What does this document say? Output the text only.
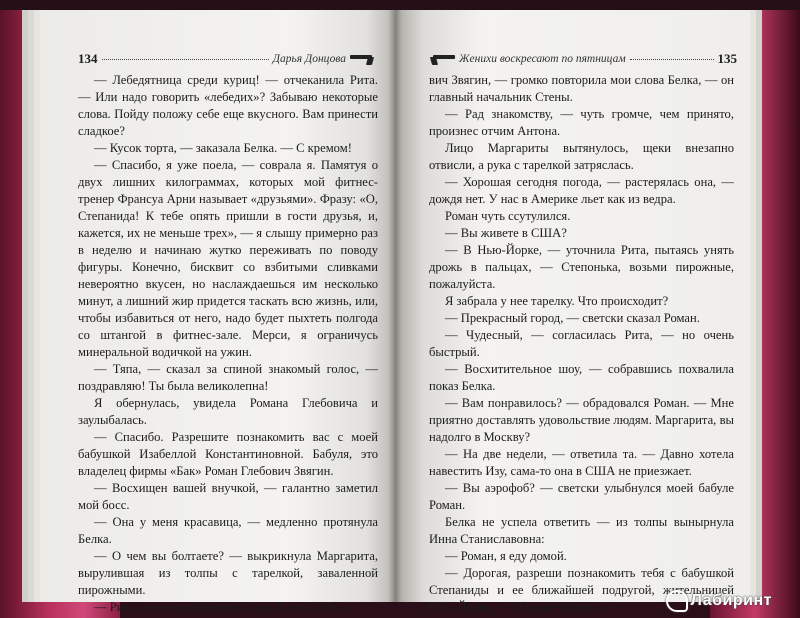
134	Дарья Донцова

— Лебедятница среди куриц! — отчеканила Рита. — Или надо говорить «лебедих»? Забываю некоторые слова. Пойду положу себе еще вкусного. Вам принести сладкое?

— Кусок торта, — заказала Белка. — С кремом!

— Спасибо, я уже поела, — соврала я. Памятуя о двух лишних килограммах, которых мой фитнес-тренер Франсуа Арни называет «друзьями». Фразу: «О, Степанида! К тебе опять пришли в гости друзья, и, кажется, их не меньше трех», — я слышу примерно раз в неделю и начинаю жутко переживать по поводу фигуры. Конечно, бисквит со взбитыми сливками невероятно вкусен, но наслаждаешься им несколько минут, а лишний жир придется таскать всю жизнь, или, чтобы избавиться от него, надо будет пыхтеть полгода со штангой в фитнес-зале. Мерси, я ограничусь минеральной водичкой на ужин.

— Тяпа, — сказал за спиной знакомый голос, — поздравляю! Ты была великолепна!

Я обернулась, увидела Романа Глебовича и заулыбалась.

— Спасибо. Разрешите познакомить вас с моей бабушкой Изабеллой Константиновной. Бабуля, это владелец фирмы «Бак» Роман Глебович Звягин.

— Восхищен вашей внучкой, — галантно заметил мой босс.

— Она у меня красавица, — медленно протянула Белка.

— О чем вы болтаете? — выкрикнула Маргарита, вырулившая из толпы с тарелкой, заваленной пирожными.

— Рита, это хозяин фирмы «Бак» Роман Глебо-

Женихи воскресают по пятницам	135

вич Звягин, — громко повторила мои слова Белка, — он главный начальник Стены.

— Рад знакомству, — чуть громче, чем принято, произнес отчим Антона.

Лицо Маргариты вытянулось, щеки внезапно отвисли, а рука с тарелкой затряслась.

— Хорошая сегодня погода, — растерялась она, — дождя нет. У нас в Америке льет как из ведра.

Роман чуть ссутулился.

— Вы живете в США?

— В Нью-Йорке, — уточнила Рита, пытаясь унять дрожь в пальцах, — Степонька, возьми пирожные, пожалуйста.

Я забрала у нее тарелку. Что происходит?

— Прекрасный город, — светски сказал Роман.

— Чудесный, — согласилась Рита, — но очень быстрый.

— Восхитительное шоу, — собравшись похвалила показ Белка.

— Вам понравилось? — обрадовался Роман. — Мне приятно доставлять удовольствие людям. Маргарита, вы надолго в Москву?

— На две недели, — ответила та. — Давно хотела навестить Изу, сама-то она в США не приезжает.

— Вы аэрофоб? — светски улыбнулся моей бабуле Роман.

Белка не успела ответить — из толпы вынырнула Инна Станиславовна:

— Роман, я еду домой.

— Дорогая, разреши познакомить тебя с бабушкой Степаниды и ее ближайшей подругой, жительницей Нью-Йорка, — объявил Звягин, —	Лабиринт
